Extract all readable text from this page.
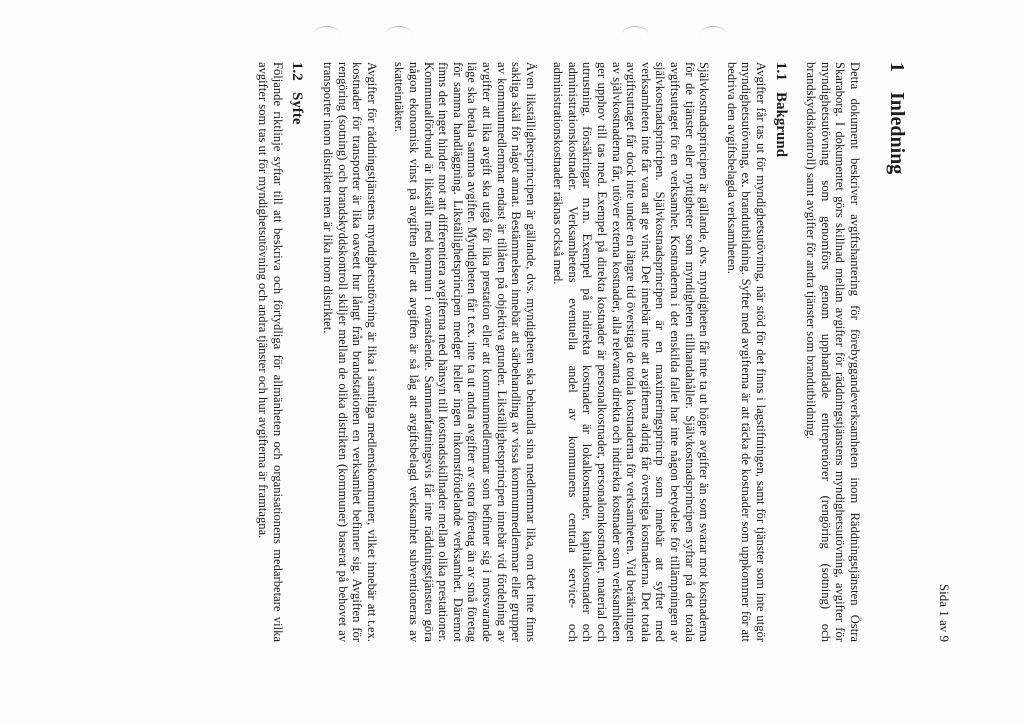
Sida 1 av 9
1Inledning

Detta dokument beskriver avgiftshantering för förebyggandeverksamheten inom Räddningstjänsten Östra Skaraborg. I dokumentet görs skillnad mellan avgifter för räddningstjänstens myndighetsutövning, avgifter för myndighetsutövning som genomförs genom upphandlade entreprenörer (rengöring (sotning) och brandskyddskontroll) samt avgifter för andra tjänster som brandutbildning.

1.1Bakgrund

Avgifter får tas ut för myndighetsutövning, när stöd för det finns i lagstiftningen, samt för tjänster som inte utgör myndighetsutövning, ex. brandutbildning. Syftet med avgifterna är att täcka de kostnader som uppkommer för att bedriva den avgiftsbelagda verksamheten.

Självkostnadsprincipen är gällande, dvs. myndigheten får inte ta ut högre avgifter än som svarar mot kostnaderna för de tjänster eller nyttigheter som myndigheten tillhandahåller. Självkostnadsprincipen syftar på det totala avgiftsuttaget för en verksamhet. Kostnaderna i det enskilda fallet har inte någon betydelse för tillämpningen av självkostnadsprincipen. Självkostnadsprincipen är en maximeringsprincip som innebär att syftet med verksamheten inte får vara att ge vinst. Det innebär inte att avgifterna aldrig får överstiga kostnaderna. Det totala avgiftsuttaget får dock inte under en längre tid överstiga de totala kostnaderna för verksamheten. Vid beräkningen av självkostnaderna får, utöver externa kostnader, alla relevanta direkta och indirekta kostnader som verksamheten ger upphov till tas med. Exempel på direkta kostnader är personalkostnader, personalomkostnader, material och utrustning, försäkringar m.m. Exempel på indirekta kostnader är lokalkostnader, kapitalkostnader och administrationskostnader. Verksamhetens eventuella andel av kommunens centrala service- och administrationskostnader räknas också med.

Även likställighetsprincipen är gällande, dvs. myndigheten ska behandla sina medlemmar lika, om det inte finns sakliga skäl för något annat. Bestämmelsen innebär att särbehandling av vissa kommunmedlemmar eller grupper av kommunmedlemmar endast är tillåten på objektiva grunder. Likställighetsprincipen innebär vid fördelning av avgifter att lika avgift ska utgå för lika prestation eller att kommunmedlemmar som befinner sig i motsvarande läge ska betala samma avgifter. Myndigheten får t.ex. inte ta ut andra avgifter av stora företag än av små företag för samma handläggning. Likställighetsprincipen medger heller ingen inkomstfördelande verksamhet. Däremot finns det inget hinder mot att differentiera avgifterna med hänsyn till kostnadsskillnader mellan olika prestationer. Kommunalförbund är likställt med kommun i ovanstående. Sammanfattningsvis får inte räddningstjänsten göra någon ekonomisk vinst på avgiften eller att avgiften är så låg att avgiftsbelagd verksamhet subventioneras av skatteintäkter.

Avgifter för räddningstjänstens myndighetsutövning är lika i samtliga medlemskommuner, vilket innebär att t.ex. kostnader för transporter är lika oavsett hur långt från brandstationen en verksamhet befinner sig. Avgiften för rengöring (sotning) och brandskyddskontroll skiljer mellan de olika distrikten (kommuner) baserat på behovet av transporter inom distriktet men är lika inom distriktet.

1.2Syfte

Följande riktlinje syftar till att beskriva och förtydliga för allmänheten och organisationens medarbetare vilka avgifter som tas ut för myndighetsutövning och andra tjänster och hur avgifterna är framtagna.
